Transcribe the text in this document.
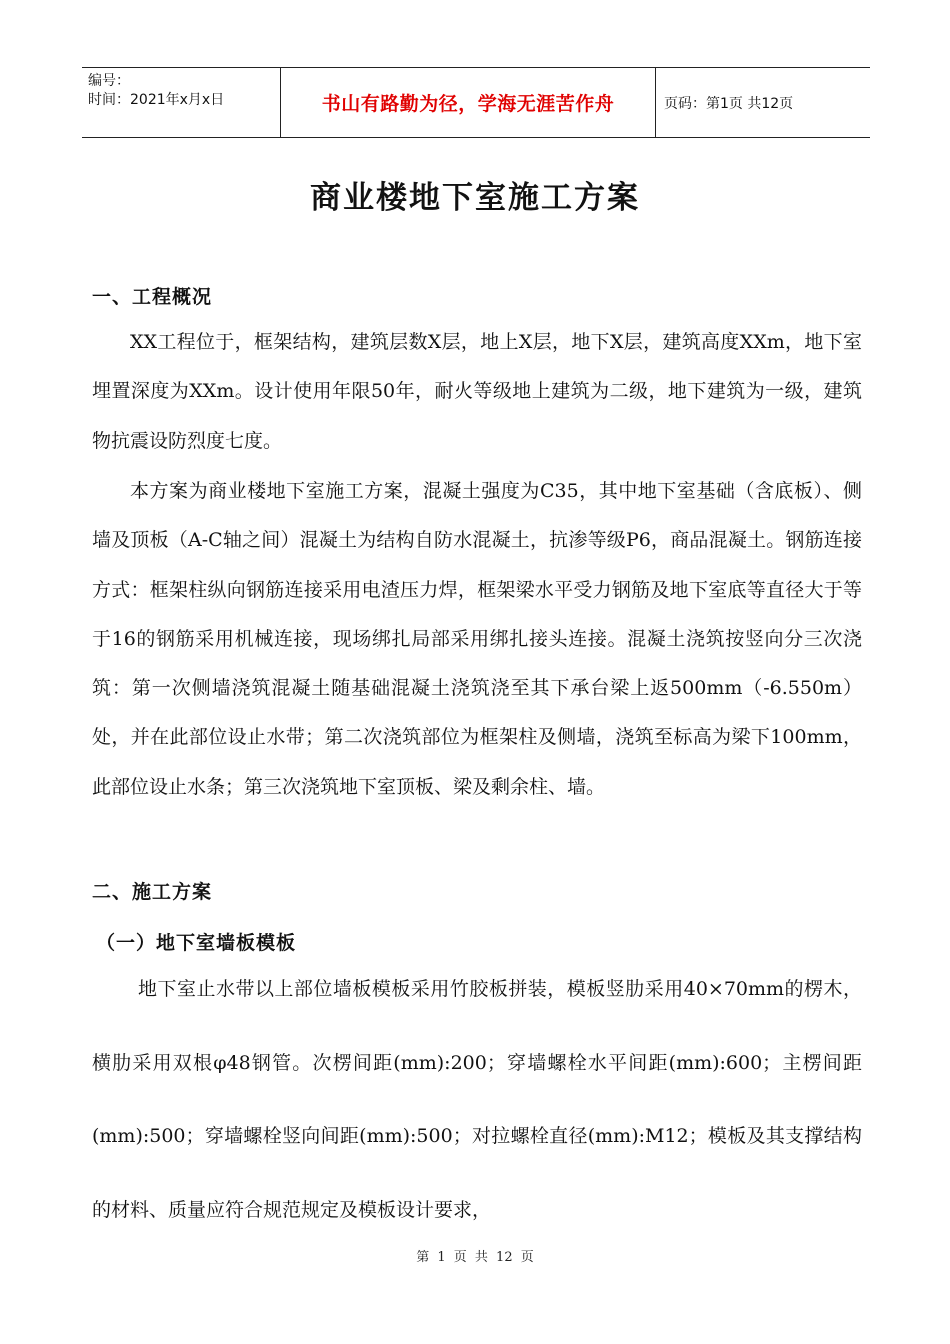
编号：
时间：2021年x月x日	书山有路勤为径，学海无涯苦作舟	页码：第1页 共12页
商业楼地下室施工方案
一、工程概况

XX工程位于，框架结构，建筑层数X层，地上X层，地下X层，建筑高度XXm，地下室埋置深度为XXm。设计使用年限50年，耐火等级地上建筑为二级，地下建筑为一级，建筑物抗震设防烈度七度。

本方案为商业楼地下室施工方案，混凝土强度为C35，其中地下室基础（含底板）、侧墙及顶板（A-C轴之间）混凝土为结构自防水混凝土，抗渗等级P6，商品混凝土。钢筋连接方式：框架柱纵向钢筋连接采用电渣压力焊，框架梁水平受力钢筋及地下室底等直径大于等于16的钢筋采用机械连接，现场绑扎局部采用绑扎接头连接。混凝土浇筑按竖向分三次浇筑：第一次侧墙浇筑混凝土随基础混凝土浇筑浇至其下承台梁上返500mm（-6.550m）处，并在此部位设止水带；第二次浇筑部位为框架柱及侧墙，浇筑至标高为梁下100mm，此部位设止水条；第三次浇筑地下室顶板、梁及剩余柱、墙。

二、施工方案
（一）地下室墙板模板

地下室止水带以上部位墙板模板采用竹胶板拼装，模板竖肋采用40×70mm的楞木，横肋采用双根φ48钢管。次楞间距(mm):200；穿墙螺栓水平间距(mm):600；主楞间距(mm):500；穿墙螺栓竖向间距(mm):500；对拉螺栓直径(mm):M12；模板及其支撑结构的材料、质量应符合规范规定及模板设计要求，

第 1 页 共 12 页
